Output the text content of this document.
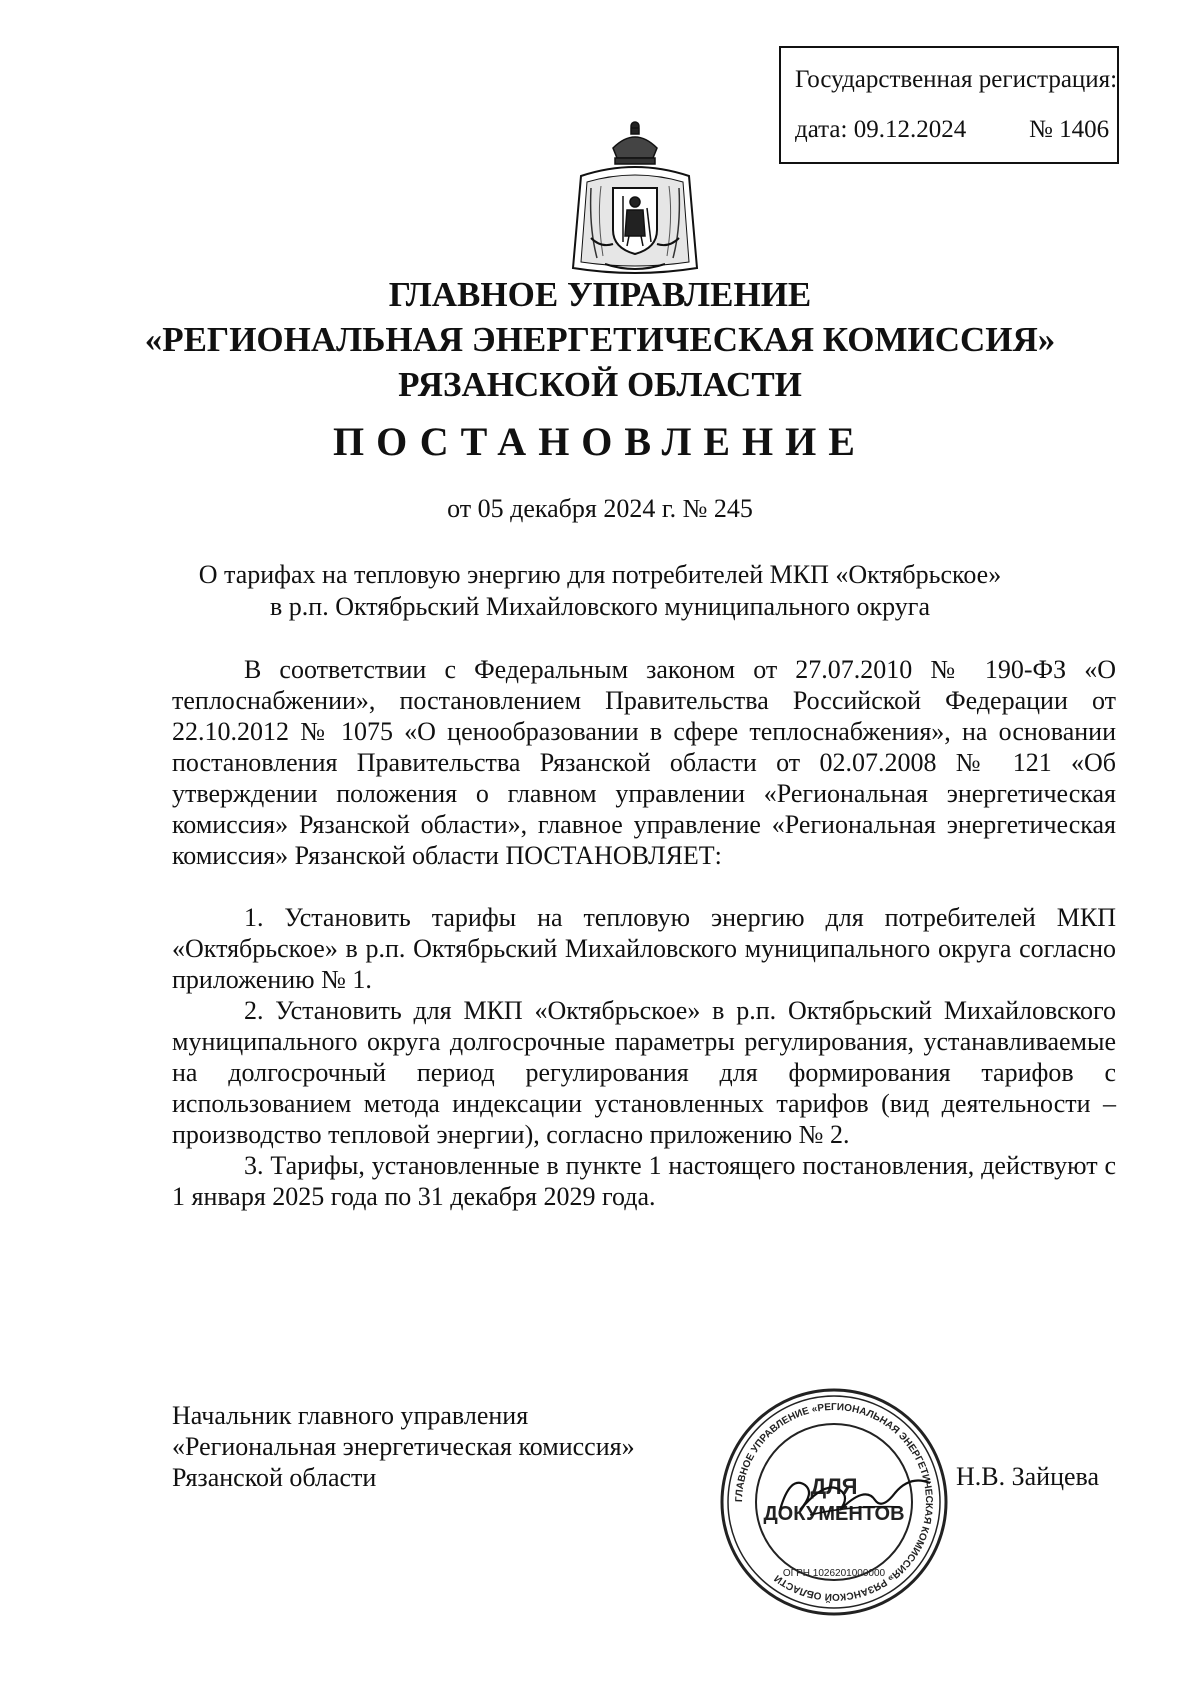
Государственная регистрация:
дата: 09.12.2024	№ 1406
ГЛАВНОЕ УПРАВЛЕНИЕ
«РЕГИОНАЛЬНАЯ ЭНЕРГЕТИЧЕСКАЯ КОМИССИЯ»
РЯЗАНСКОЙ ОБЛАСТИ
ПОСТАНОВЛЕНИЕ
от 05 декабря 2024 г. № 245
О тарифах на тепловую энергию для потребителей МКП «Октябрьское»
в р.п. Октябрьский Михайловского муниципального округа

В соответствии с Федеральным законом от 27.07.2010 № 190-ФЗ «О теплоснабжении», постановлением Правительства Российской Федерации от 22.10.2012 № 1075 «О ценообразовании в сфере теплоснабжения», на основании постановления Правительства Рязанской области от 02.07.2008 № 121 «Об утверждении положения о главном управлении «Региональная энергетическая комиссия» Рязанской области», главное управление «Региональная энергетическая комиссия» Рязанской области ПОСТАНОВЛЯЕТ:

1. Установить тарифы на тепловую энергию для потребителей МКП «Октябрьское» в р.п. Октябрьский Михайловского муниципального округа согласно приложению № 1.

2. Установить для МКП «Октябрьское» в р.п. Октябрьский Михайловского муниципального округа долгосрочные параметры регулирования, устанавливаемые на долгосрочный период регулирования для формирования тарифов с использованием метода индексации установленных тарифов (вид деятельности – производство тепловой энергии), согласно приложению № 2.

3. Тарифы, установленные в пункте 1 настоящего постановления, действуют с 1 января 2025 года по 31 декабря 2029 года.

Начальник главного управления
«Региональная энергетическая комиссия»
Рязанской области
ГЛАВНОЕ УПРАВЛЕНИЕ «РЕГИОНАЛЬНАЯ ЭНЕРГЕТИЧЕСКАЯ КОМИССИЯ» РЯЗАНСКОЙ ОБЛАСТИ
ОГРН 1026201000000
ДЛЯ
ДОКУМЕНТОВ
Н.В. Зайцева
